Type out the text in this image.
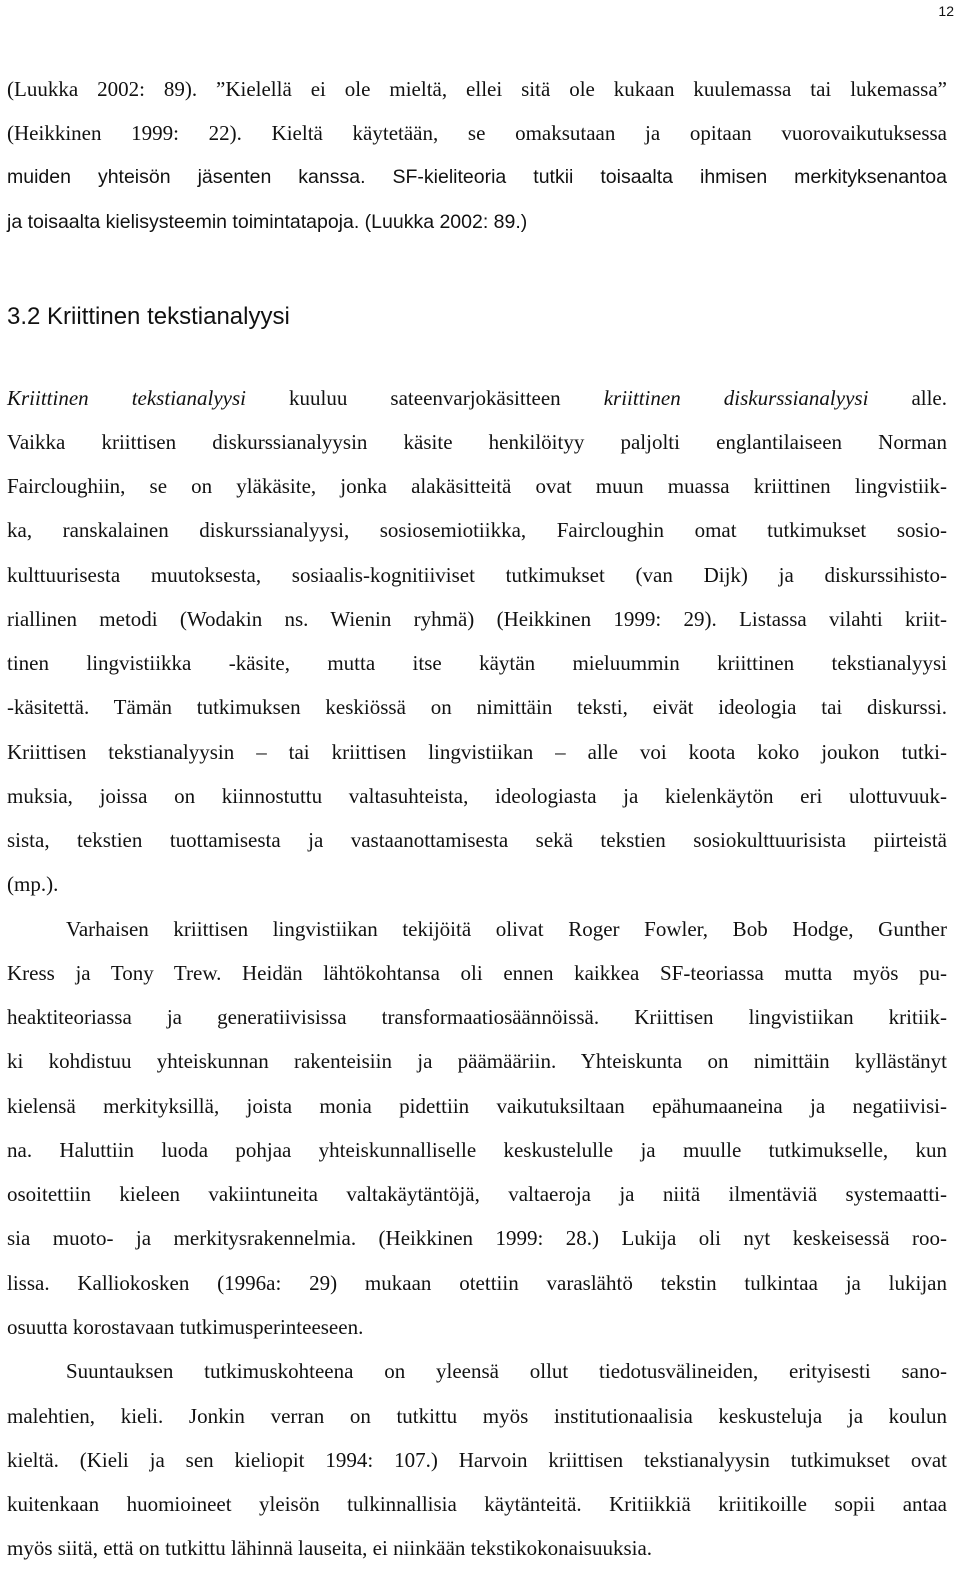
12
(Luukka 2002: 89). ”Kielellä ei ole mieltä, ellei sitä ole kukaan kuulemassa tai lukemassa”
(Heikkinen 1999: 22). Kieltä käytetään, se omaksutaan ja opitaan vuorovaikutuksessa
muiden yhteisön jäsenten kanssa. SF-kieliteoria tutkii toisaalta ihmisen merkityksenantoa
ja toisaalta kielisysteemin toimintatapoja. (Luukka 2002: 89.)
3.2 Kriittinen tekstianalyysi
Kriittinen tekstianalyysi kuuluu sateenvarjokäsitteen kriittinen diskurssianalyysi alle.
Vaikka kriittisen diskurssianalyysin käsite henkilöityy paljolti englantilaiseen Norman
Faircloughiin, se on yläkäsite, jonka alakäsitteitä ovat muun muassa kriittinen lingvistiik-
ka, ranskalainen diskurssianalyysi, sosiosemiotiikka, Faircloughin omat tutkimukset sosio-
kulttuurisesta muutoksesta, sosiaalis-kognitiiviset tutkimukset (van Dijk) ja diskurssihisto-
riallinen metodi (Wodakin ns. Wienin ryhmä) (Heikkinen 1999: 29). Listassa vilahti kriit-
tinen lingvistiikka -käsite, mutta itse käytän mieluummin kriittinen tekstianalyysi
-käsitettä. Tämän tutkimuksen keskiössä on nimittäin teksti, eivät ideologia tai diskurssi.
Kriittisen tekstianalyysin – tai kriittisen lingvistiikan – alle voi koota koko joukon tutki-
muksia, joissa on kiinnostuttu valtasuhteista, ideologiasta ja kielenkäytön eri ulottuvuuk-
sista, tekstien tuottamisesta ja vastaanottamisesta sekä tekstien sosiokulttuurisista piirteistä
(mp.).
Varhaisen kriittisen lingvistiikan tekijöitä olivat Roger Fowler, Bob Hodge, Gunther
Kress ja Tony Trew. Heidän lähtökohtansa oli ennen kaikkea SF-teoriassa mutta myös pu-
heaktiteoriassa ja generatiivisissa transformaatiosäännöissä. Kriittisen lingvistiikan kritiik-
ki kohdistuu yhteiskunnan rakenteisiin ja päämääriin. Yhteiskunta on nimittäin kyllästänyt
kielensä merkityksillä, joista monia pidettiin vaikutuksiltaan epähumaaneina ja negatiivisi-
na. Haluttiin luoda pohjaa yhteiskunnalliselle keskustelulle ja muulle tutkimukselle, kun
osoitettiin kieleen vakiintuneita valtakäytäntöjä, valtaeroja ja niitä ilmentäviä systemaatti-
sia muoto- ja merkitysrakennelmia. (Heikkinen 1999: 28.) Lukija oli nyt keskeisessä roo-
lissa. Kalliokosken (1996a: 29) mukaan otettiin varaslähtö tekstin tulkintaa ja lukijan
osuutta korostavaan tutkimusperinteeseen.
Suuntauksen tutkimuskohteena on yleensä ollut tiedotusvälineiden, erityisesti sano-
malehtien, kieli. Jonkin verran on tutkittu myös institutionaalisia keskusteluja ja koulun
kieltä. (Kieli ja sen kieliopit 1994: 107.) Harvoin kriittisen tekstianalyysin tutkimukset ovat
kuitenkaan huomioineet yleisön tulkinnallisia käytänteitä. Kritiikkiä kriitikoille sopii antaa
myös siitä, että on tutkittu lähinnä lauseita, ei niinkään tekstikokonaisuuksia.
